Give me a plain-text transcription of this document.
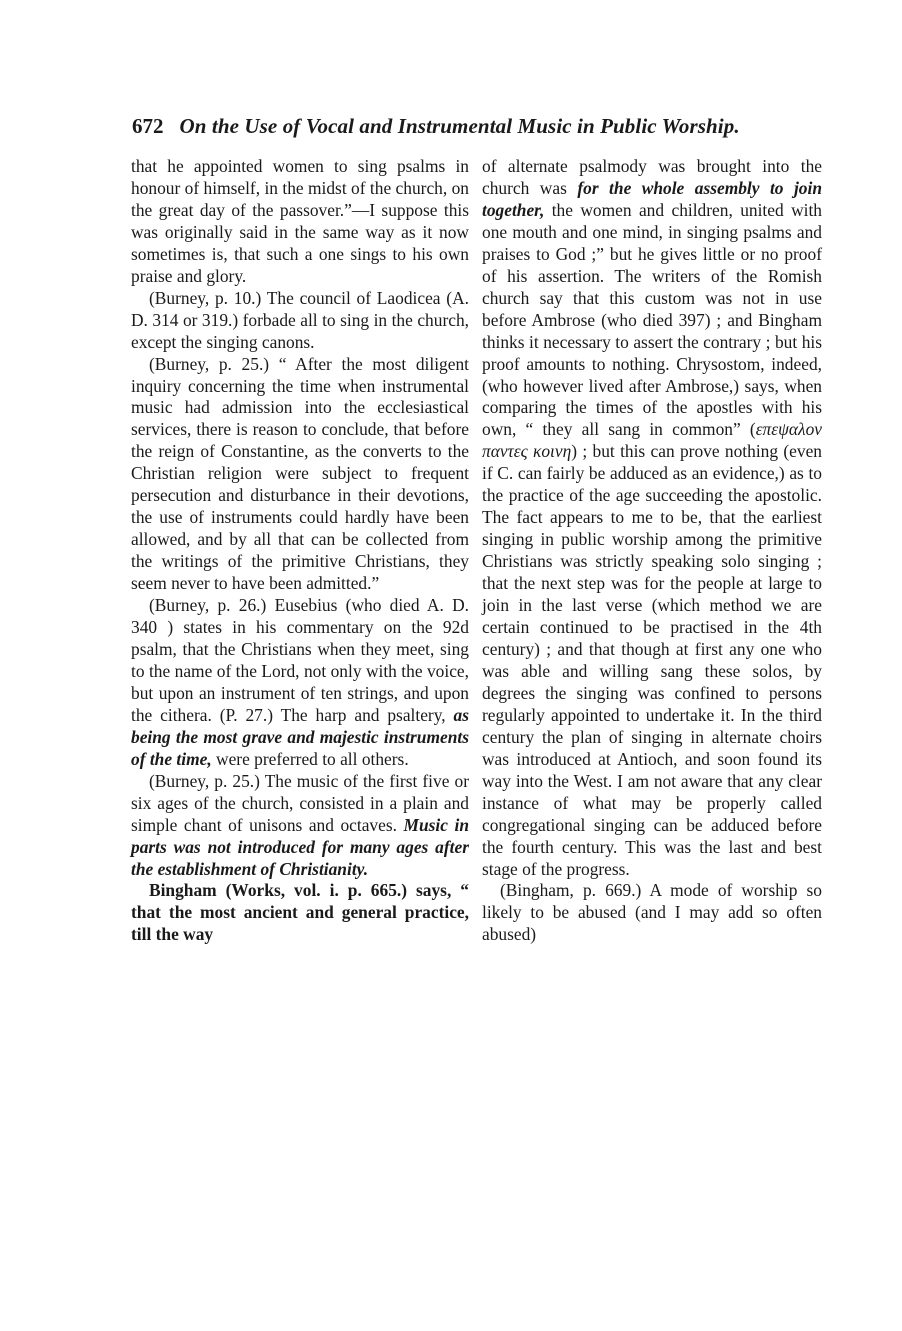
672 On the Use of Vocal and Instrumental Music in Public Worship.

that he appointed women to sing psalms in honour of himself, in the midst of the church, on the great day of the passover.”—I suppose this was originally said in the same way as it now sometimes is, that such a one sings to his own praise and glory.

(Burney, p. 10.) The council of Laodicea (A. D. 314 or 319.) forbade all to sing in the church, except the singing canons.

(Burney, p. 25.) “ After the most diligent inquiry concerning the time when instrumental music had admission into the ecclesiastical services, there is reason to conclude, that before the reign of Constantine, as the converts to the Christian religion were subject to frequent persecution and disturbance in their devotions, the use of instruments could hardly have been allowed, and by all that can be collected from the writings of the primitive Christians, they seem never to have been admitted.”

(Burney, p. 26.) Eusebius (who died A. D. 340 ) states in his commentary on the 92d psalm, that the Christians when they meet, sing to the name of the Lord, not only with the voice, but upon an instrument of ten strings, and upon the cithera. (P. 27.) The harp and psaltery, as being the most grave and majestic instruments of the time, were preferred to all others.

(Burney, p. 25.) The music of the first five or six ages of the church, consisted in a plain and simple chant of unisons and octaves. Music in parts was not introduced for many ages after the establishment of Christianity.

Bingham (Works, vol. i. p. 665.) says, “ that the most ancient and general practice, till the way

of alternate psalmody was brought into the church was for the whole assembly to join together, the women and children, united with one mouth and one mind, in singing psalms and praises to God ;” but he gives little or no proof of his assertion. The writers of the Romish church say that this custom was not in use before Ambrose (who died 397) ; and Bingham thinks it necessary to assert the contrary ; but his proof amounts to nothing. Chrysostom, indeed, (who however lived after Ambrose,) says, when comparing the times of the apostles with his own, “ they all sang in common” (επεψαλον παντες κοινη) ; but this can prove nothing (even if C. can fairly be adduced as an evidence,) as to the practice of the age succeeding the apostolic. The fact appears to me to be, that the earliest singing in public worship among the primitive Christians was strictly speaking solo singing ; that the next step was for the people at large to join in the last verse (which method we are certain continued to be practised in the 4th century) ; and that though at first any one who was able and willing sang these solos, by degrees the singing was confined to persons regularly appointed to undertake it. In the third century the plan of singing in alternate choirs was introduced at Antioch, and soon found its way into the West. I am not aware that any clear instance of what may be properly called congregational singing can be adduced before the fourth century. This was the last and best stage of the progress.

(Bingham, p. 669.) A mode of worship so likely to be abused (and I may add so often abused)
